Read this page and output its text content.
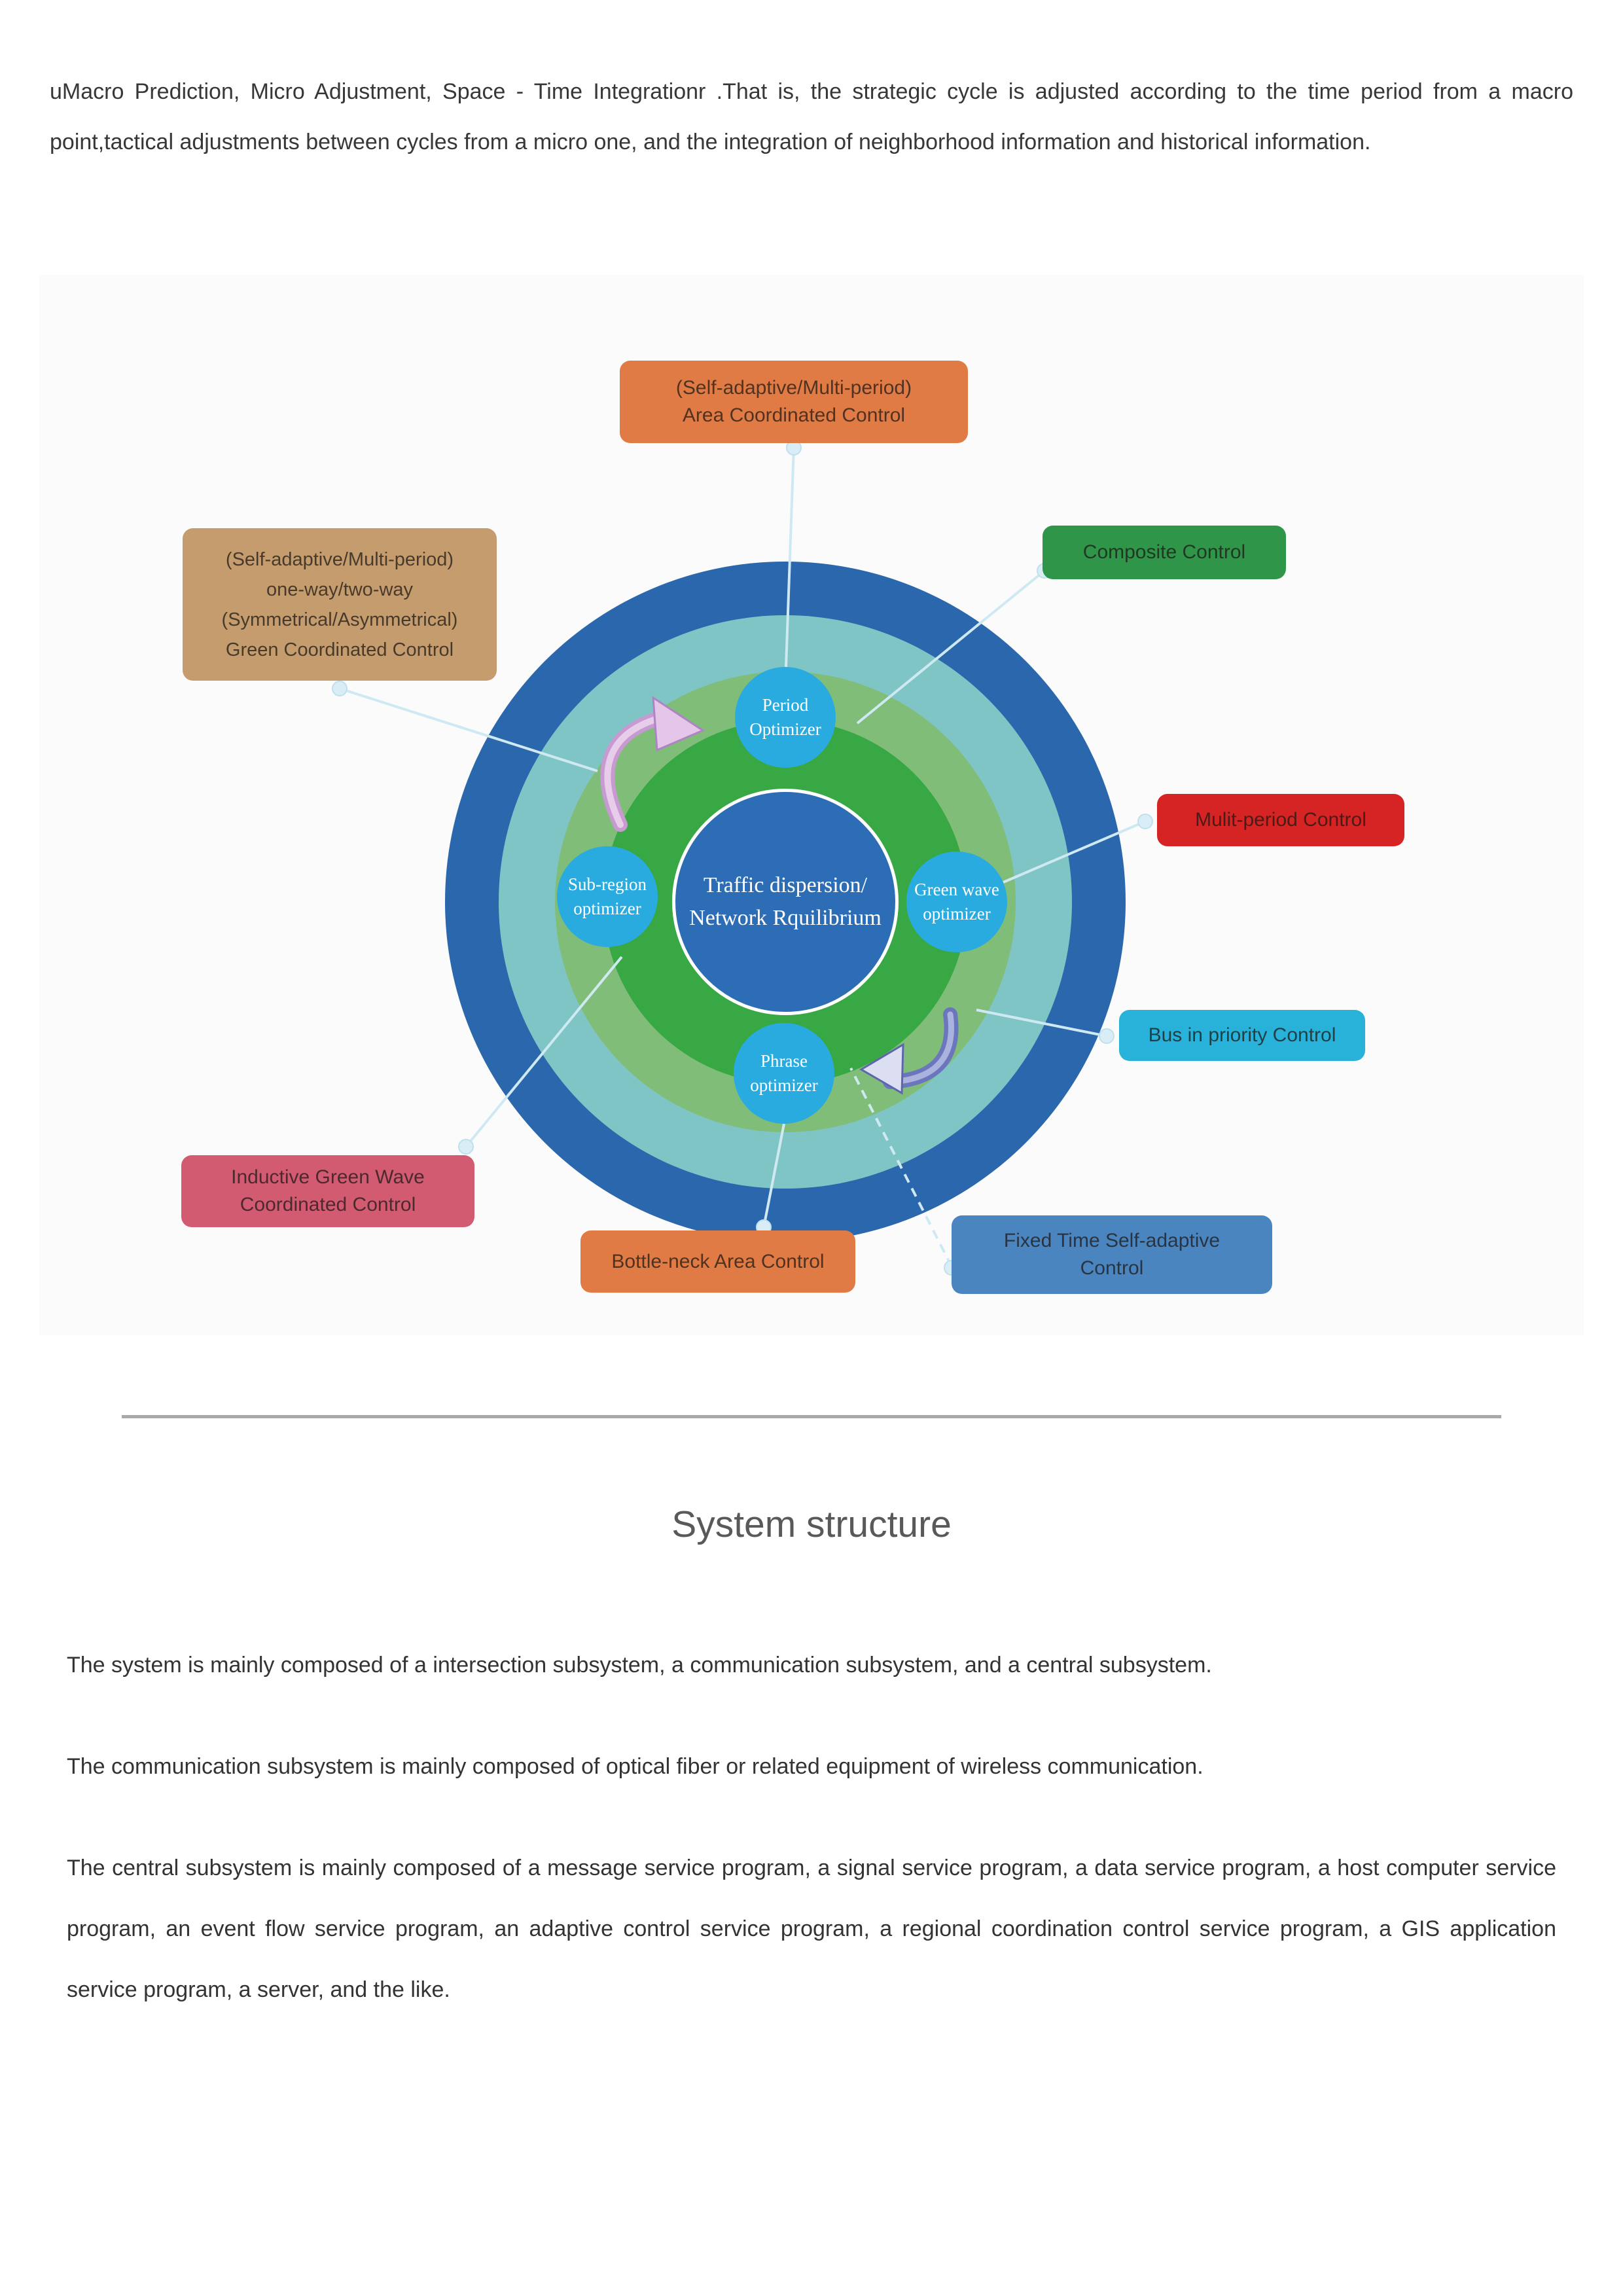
uMacro Prediction, Micro Adjustment, Space - Time Integrationr .That is, the strategic cycle is adjusted according to the time period from a macro point,tactical adjustments between cycles from a micro one, and the integration of neighborhood information and historical information.
Traffic dispersion/
Network Rquilibrium
Period
Optimizer
Sub-region
optimizer
Green wave
optimizer
Phrase
optimizer
(Self-adaptive/Multi-period)
Area Coordinated Control
(Self-adaptive/Multi-period)
one-way/two-way
(Symmetrical/Asymmetrical)
Green Coordinated Control
Composite Control
Mulit-period Control
Bus in priority Control
Fixed Time Self-adaptive
Control
Bottle-neck Area Control
Inductive Green Wave
Coordinated Control
System structure

The system is mainly composed of a intersection subsystem, a communication subsystem, and a central subsystem.

The communication subsystem is mainly composed of optical fiber or related equipment of wireless communication.

The central subsystem is mainly composed of a message service program, a signal service program, a data service program, a host computer service program, an event flow service program, an adaptive control service program, a regional coordination control service program, a GIS application service program, a server, and the like.
